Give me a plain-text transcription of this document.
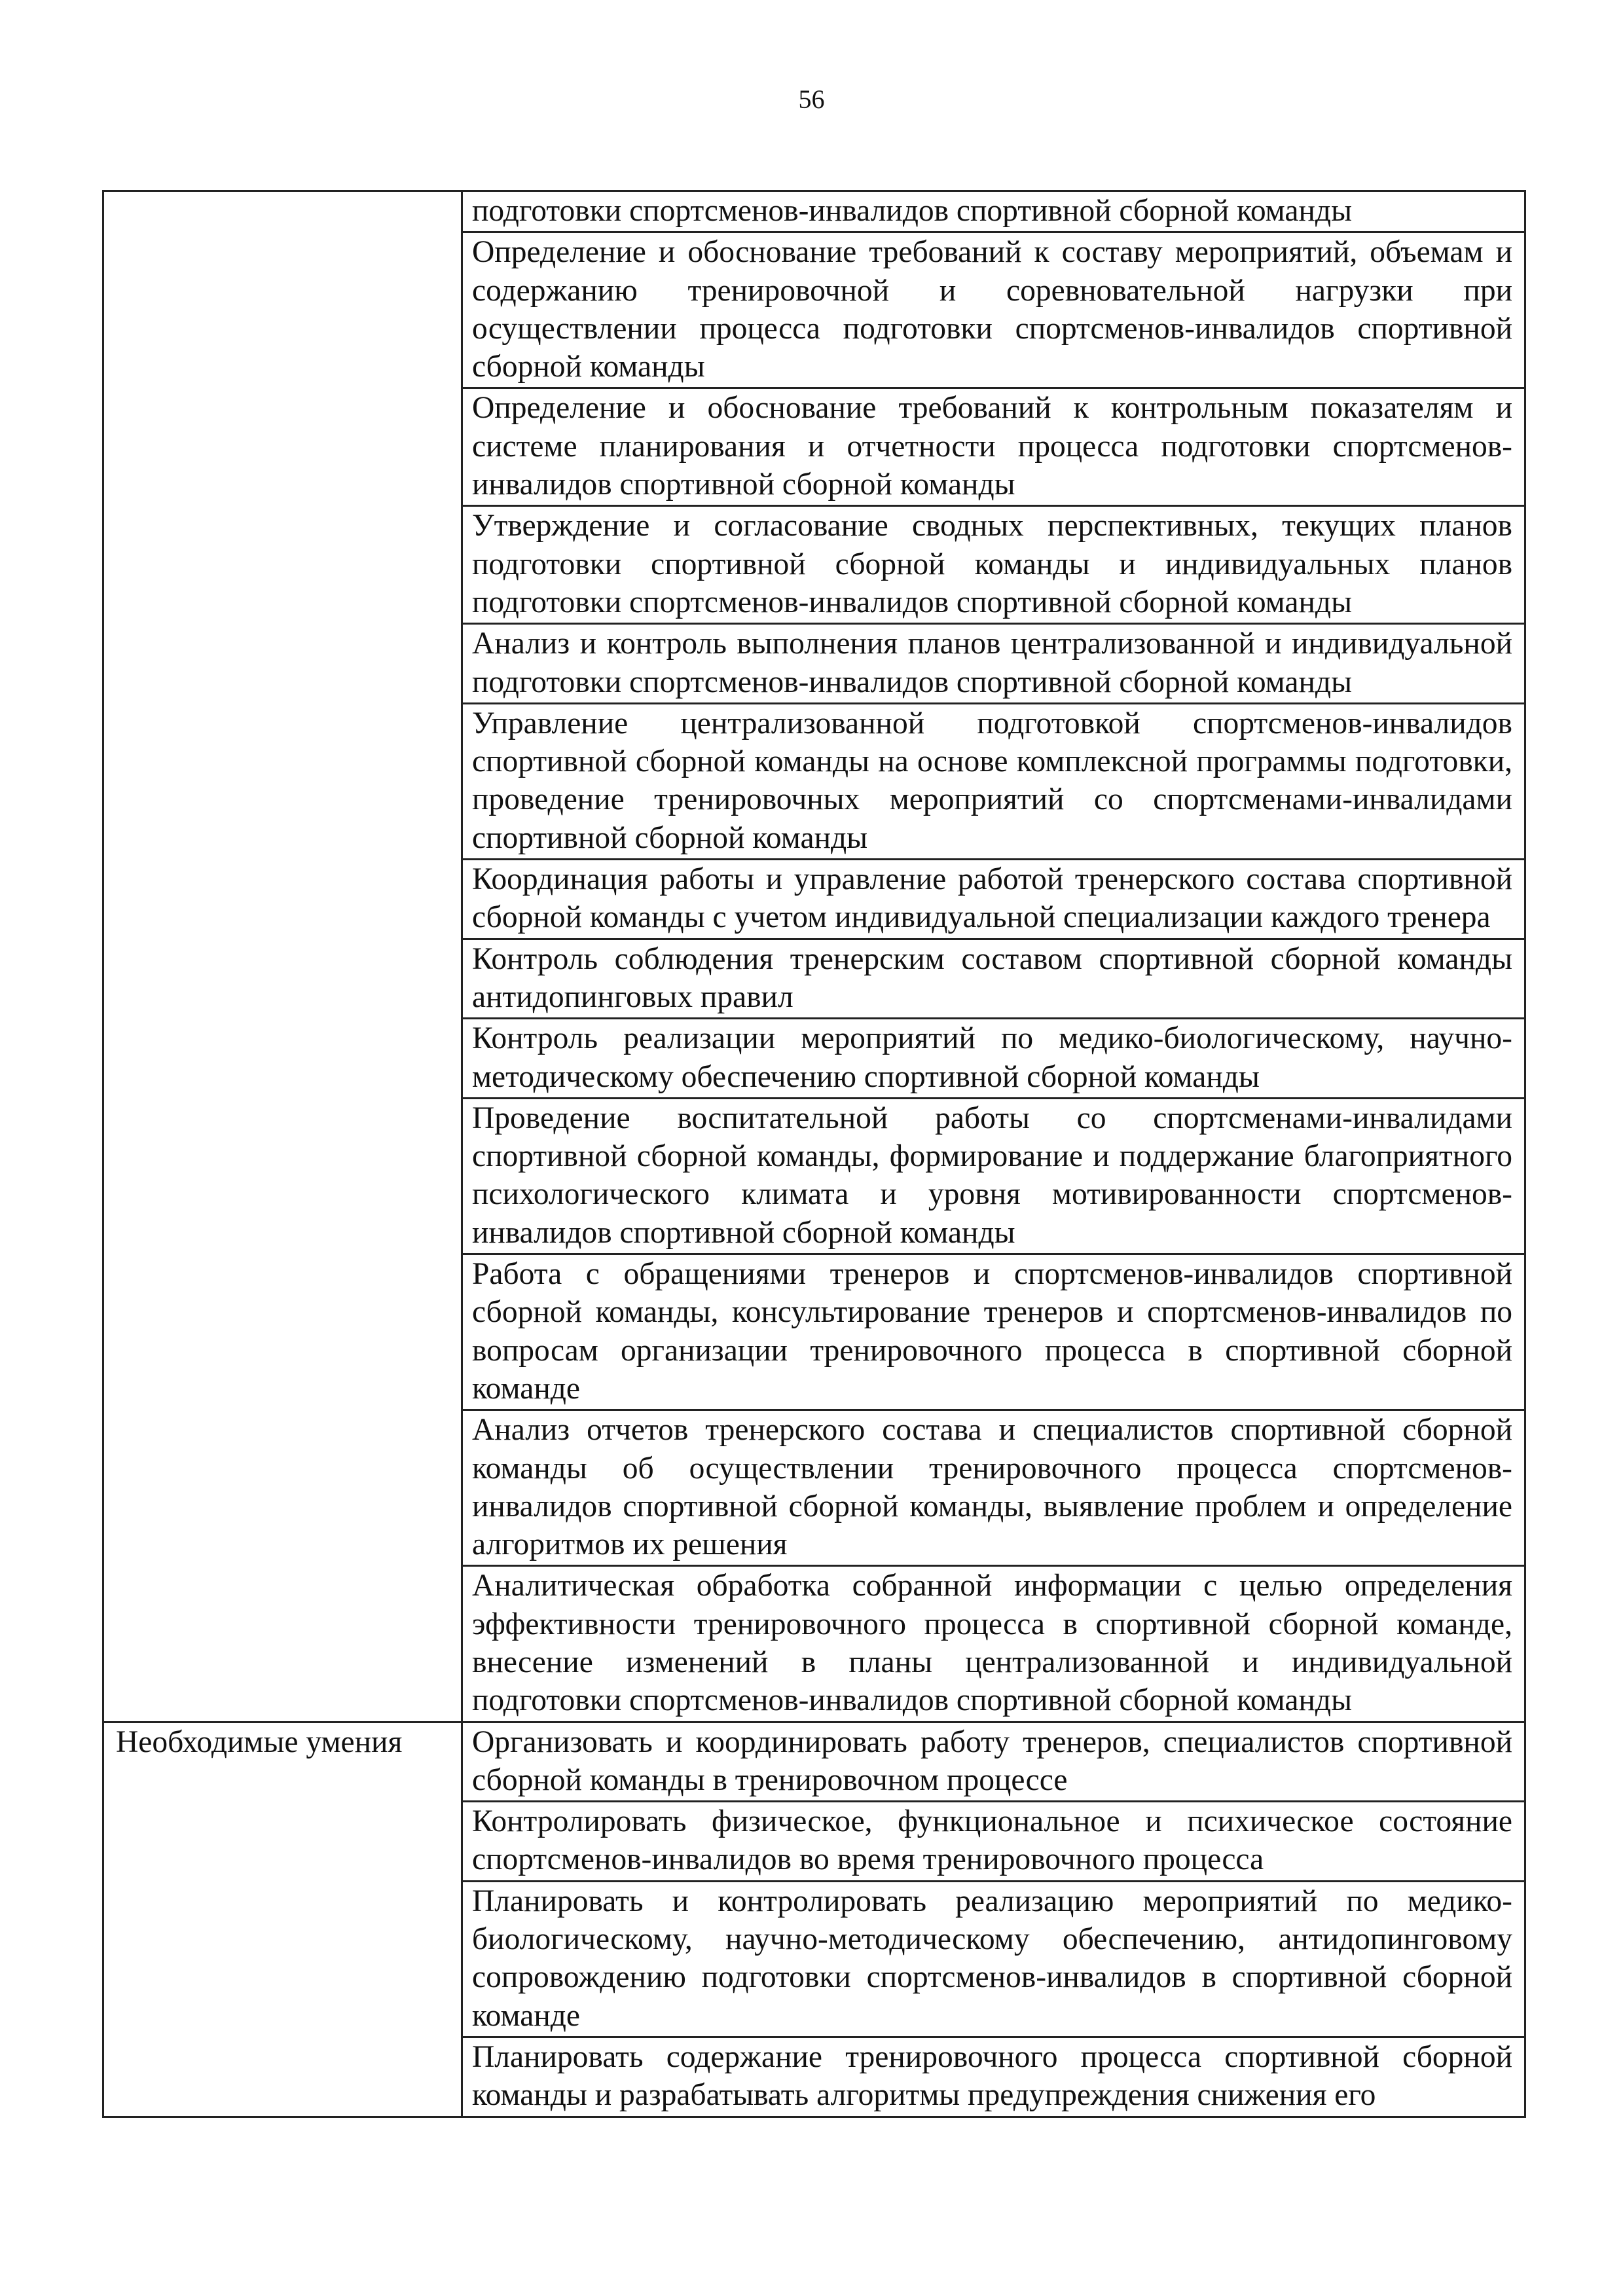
56
	подготовки спортсменов-инвалидов спортивной сборной команды
	Определение и обоснование требований к составу мероприятий, объемам и содержанию тренировочной и соревновательной нагрузки при осуществлении процесса подготовки спортсменов-инвалидов спортивной сборной команды
	Определение и обоснование требований к контрольным показателям и системе планирования и отчетности процесса подготовки спортсменов-инвалидов спортивной сборной команды
	Утверждение и согласование сводных перспективных, текущих планов подготовки спортивной сборной команды и индивидуальных планов подготовки спортсменов-инвалидов спортивной сборной команды
	Анализ и контроль выполнения планов централизованной и индивидуальной подготовки спортсменов-инвалидов спортивной сборной команды
	Управление централизованной подготовкой спортсменов-инвалидов спортивной сборной команды на основе комплексной программы подготовки, проведение тренировочных мероприятий со спортсменами-инвалидами спортивной сборной команды
	Координация работы и управление работой тренерского состава спортивной сборной команды с учетом индивидуальной специализации каждого тренера
	Контроль соблюдения тренерским составом спортивной сборной команды антидопинговых правил
	Контроль реализации мероприятий по медико-биологическому, научно-методическому обеспечению спортивной сборной команды
	Проведение воспитательной работы со спортсменами-инвалидами спортивной сборной команды, формирование и поддержание благоприятного психологического климата и уровня мотивированности спортсменов-инвалидов спортивной сборной команды
	Работа с обращениями тренеров и спортсменов-инвалидов спортивной сборной команды, консультирование тренеров и спортсменов-инвалидов по вопросам организации тренировочного процесса в спортивной сборной команде
	Анализ отчетов тренерского состава и специалистов спортивной сборной команды об осуществлении тренировочного процесса спортсменов-инвалидов спортивной сборной команды, выявление проблем и определение алгоритмов их решения
	Аналитическая обработка собранной информации с целью определения эффективности тренировочного процесса в спортивной сборной команде, внесение изменений в планы централизованной и индивидуальной подготовки спортсменов-инвалидов спортивной сборной команды
Необходимые умения	Организовать и координировать работу тренеров, специалистов спортивной сборной команды в тренировочном процессе
	Контролировать физическое, функциональное и психическое состояние спортсменов-инвалидов во время тренировочного процесса
	Планировать и контролировать реализацию мероприятий по медико-биологическому, научно-методическому обеспечению, антидопинговому сопровождению подготовки спортсменов-инвалидов в спортивной сборной команде
	Планировать содержание тренировочного процесса спортивной сборной команды и разрабатывать алгоритмы предупреждения снижения его
